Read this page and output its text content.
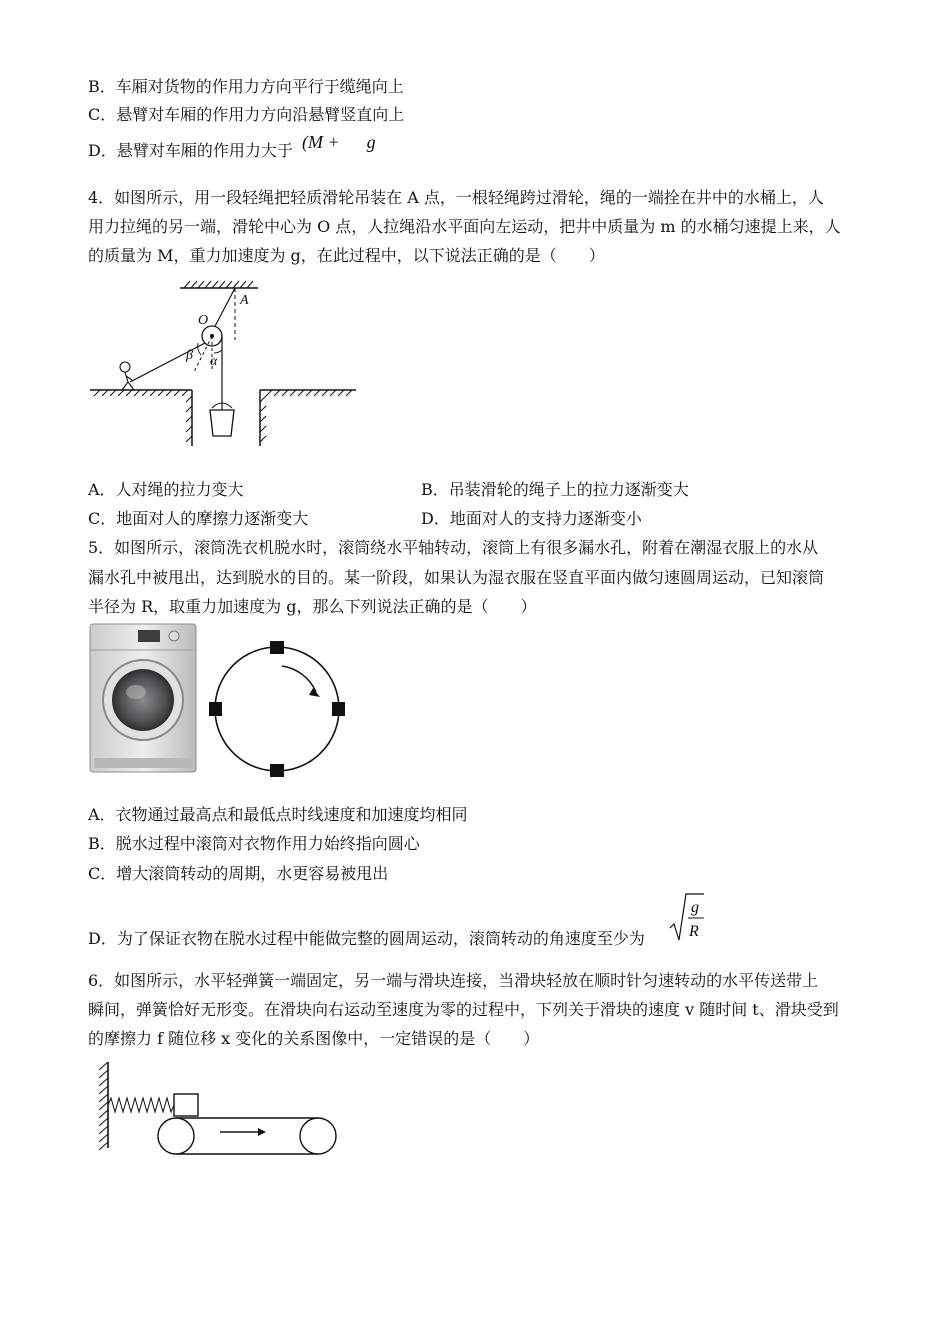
B．车厢对货物的作用力方向平行于缆绳向上
C．悬臂对车厢的作用力方向沿悬臂竖直向上
D．悬臂对车厢的作用力大于 (M +      g
4．如图所示，用一段轻绳把轻质滑轮吊装在 A 点，一根轻绳跨过滑轮，绳的一端拴在井中的水桶上，人
用力拉绳的另一端，滑轮中心为 O 点，人拉绳沿水平面向左运动，把井中质量为 m 的水桶匀速提上来，人
的质量为 M，重力加速度为 g，在此过程中，以下说法正确的是（　　）
A
O
β α
A．人对绳的拉力变大	B．吊装滑轮的绳子上的拉力逐渐变大
C．地面对人的摩擦力逐渐变大	D．地面对人的支持力逐渐变小
5．如图所示，滚筒洗衣机脱水时，滚筒绕水平轴转动，滚筒上有很多漏水孔，附着在潮湿衣服上的水从
漏水孔中被甩出，达到脱水的目的。某一阶段，如果认为湿衣服在竖直平面内做匀速圆周运动，已知滚筒
半径为 R，取重力加速度为 g，那么下列说法正确的是（　　）
A．衣物通过最高点和最低点时线速度和加速度均相同
B．脱水过程中滚筒对衣物作用力始终指向圆心
C．增大滚筒转动的周期，水更容易被甩出
D．为了保证衣物在脱水过程中能做完整的圆周运动，滚筒转动的角速度至少为
g
R
6．如图所示，水平轻弹簧一端固定，另一端与滑块连接，当滑块轻放在顺时针匀速转动的水平传送带上
瞬间，弹簧恰好无形变。在滑块向右运动至速度为零的过程中，下列关于滑块的速度 v 随时间 t、滑块受到
的摩擦力 f 随位移 x 变化的关系图像中，一定错误的是（　　）
